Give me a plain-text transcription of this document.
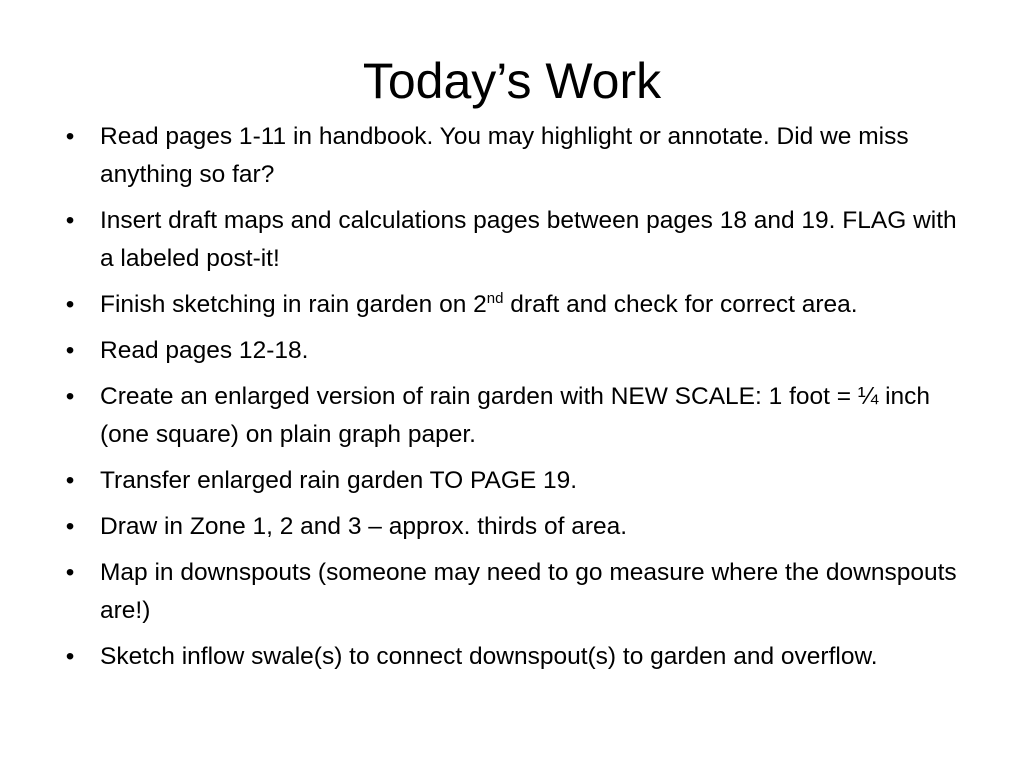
Today’s Work
• Read pages 1-11 in handbook. You may highlight or annotate. Did we miss anything so far?
• Insert draft maps and calculations pages between pages 18 and 19. FLAG with a labeled post-it!
• Finish sketching in rain garden on 2nd draft and check for correct area.
• Read pages 12-18.
• Create an enlarged version of rain garden with NEW SCALE: 1 foot = ¼ inch (one square) on plain graph paper.
• Transfer enlarged rain garden TO PAGE 19.
• Draw in Zone 1, 2 and 3 – approx. thirds of area.
• Map in downspouts (someone may need to go measure where the downspouts are!)
• Sketch inflow swale(s) to connect downspout(s) to garden and overflow.
